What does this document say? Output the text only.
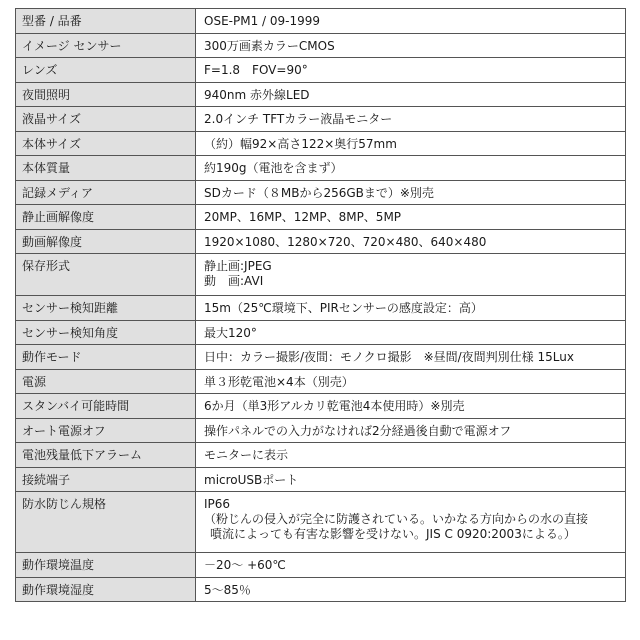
型番 / 品番	OSE-PM1 / 09-1999

イメージ センサー	300万画素カラーCMOS

レンズ	F=1.8　FOV=90°

夜間照明	940nm 赤外線LED

液晶サイズ	2.0インチ TFTカラー液晶モニター

本体サイズ	（約）幅92×高さ122×奥行57mm

本体質量	約190g（電池を含まず）

記録メディア	SDカード（８MBから256GBまで）※別売

静止画解像度	20MP、16MP、12MP、8MP、5MP

動画解像度	1920×1080、1280×720、720×480、640×480

保存形式	静止画:JPEG
動　画:AVI

センサー検知距離	15m（25℃環境下、PIRセンサーの感度設定：高）

センサー検知角度	最大120°

動作モード	日中：カラー撮影/夜間：モノクロ撮影　※昼間/夜間判別仕様 15Lux

電源	単３形乾電池×4本（別売）

スタンバイ可能時間	6か月（単3形アルカリ乾電池4本使用時）※別売

オート電源オフ	操作パネルでの入力がなければ2分経過後自動で電源オフ

電池残量低下アラーム	モニターに表示

接続端子	microUSBポート

防水防じん規格	IP66
（粉じんの侵入が完全に防護されている。いかなる方向からの水の直接
噴流によっても有害な影響を受けない。JIS C 0920:2003による。）

動作環境温度	－20～ +60℃

動作環境湿度	5～85％
